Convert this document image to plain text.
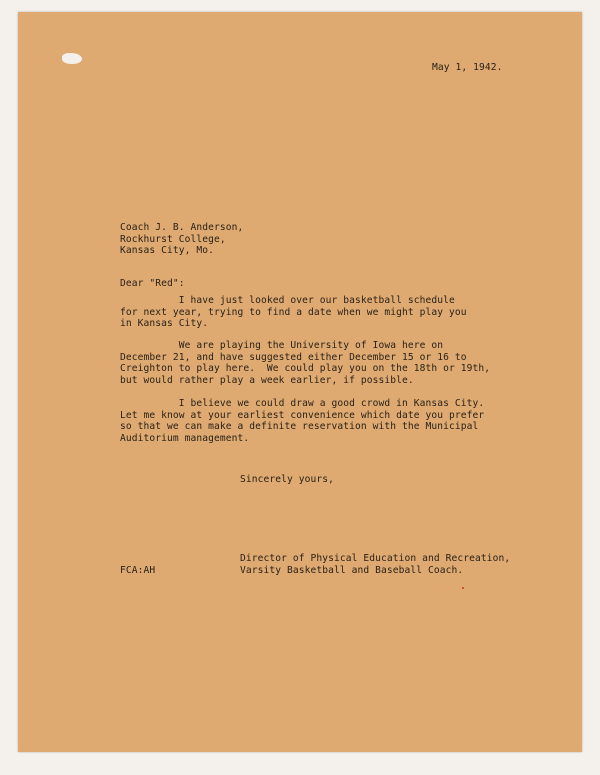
May 1, 1942.

Coach J. B. Anderson,
Rockhurst College,
Kansas City, Mo.

Dear "Red":

I have just looked over our basketball schedule
for next year, trying to find a date when we might play you
in Kansas City.

We are playing the University of Iowa here on
December 21, and have suggested either December 15 or 16 to
Creighton to play here.  We could play you on the 18th or 19th,
but would rather play a week earlier, if possible.

I believe we could draw a good crowd in Kansas City.
Let me know at your earliest convenience which date you prefer
so that we can make a definite reservation with the Municipal
Auditorium management.

Sincerely yours,

Director of Physical Education and Recreation,
Varsity Basketball and Baseball Coach.

FCA:AH
